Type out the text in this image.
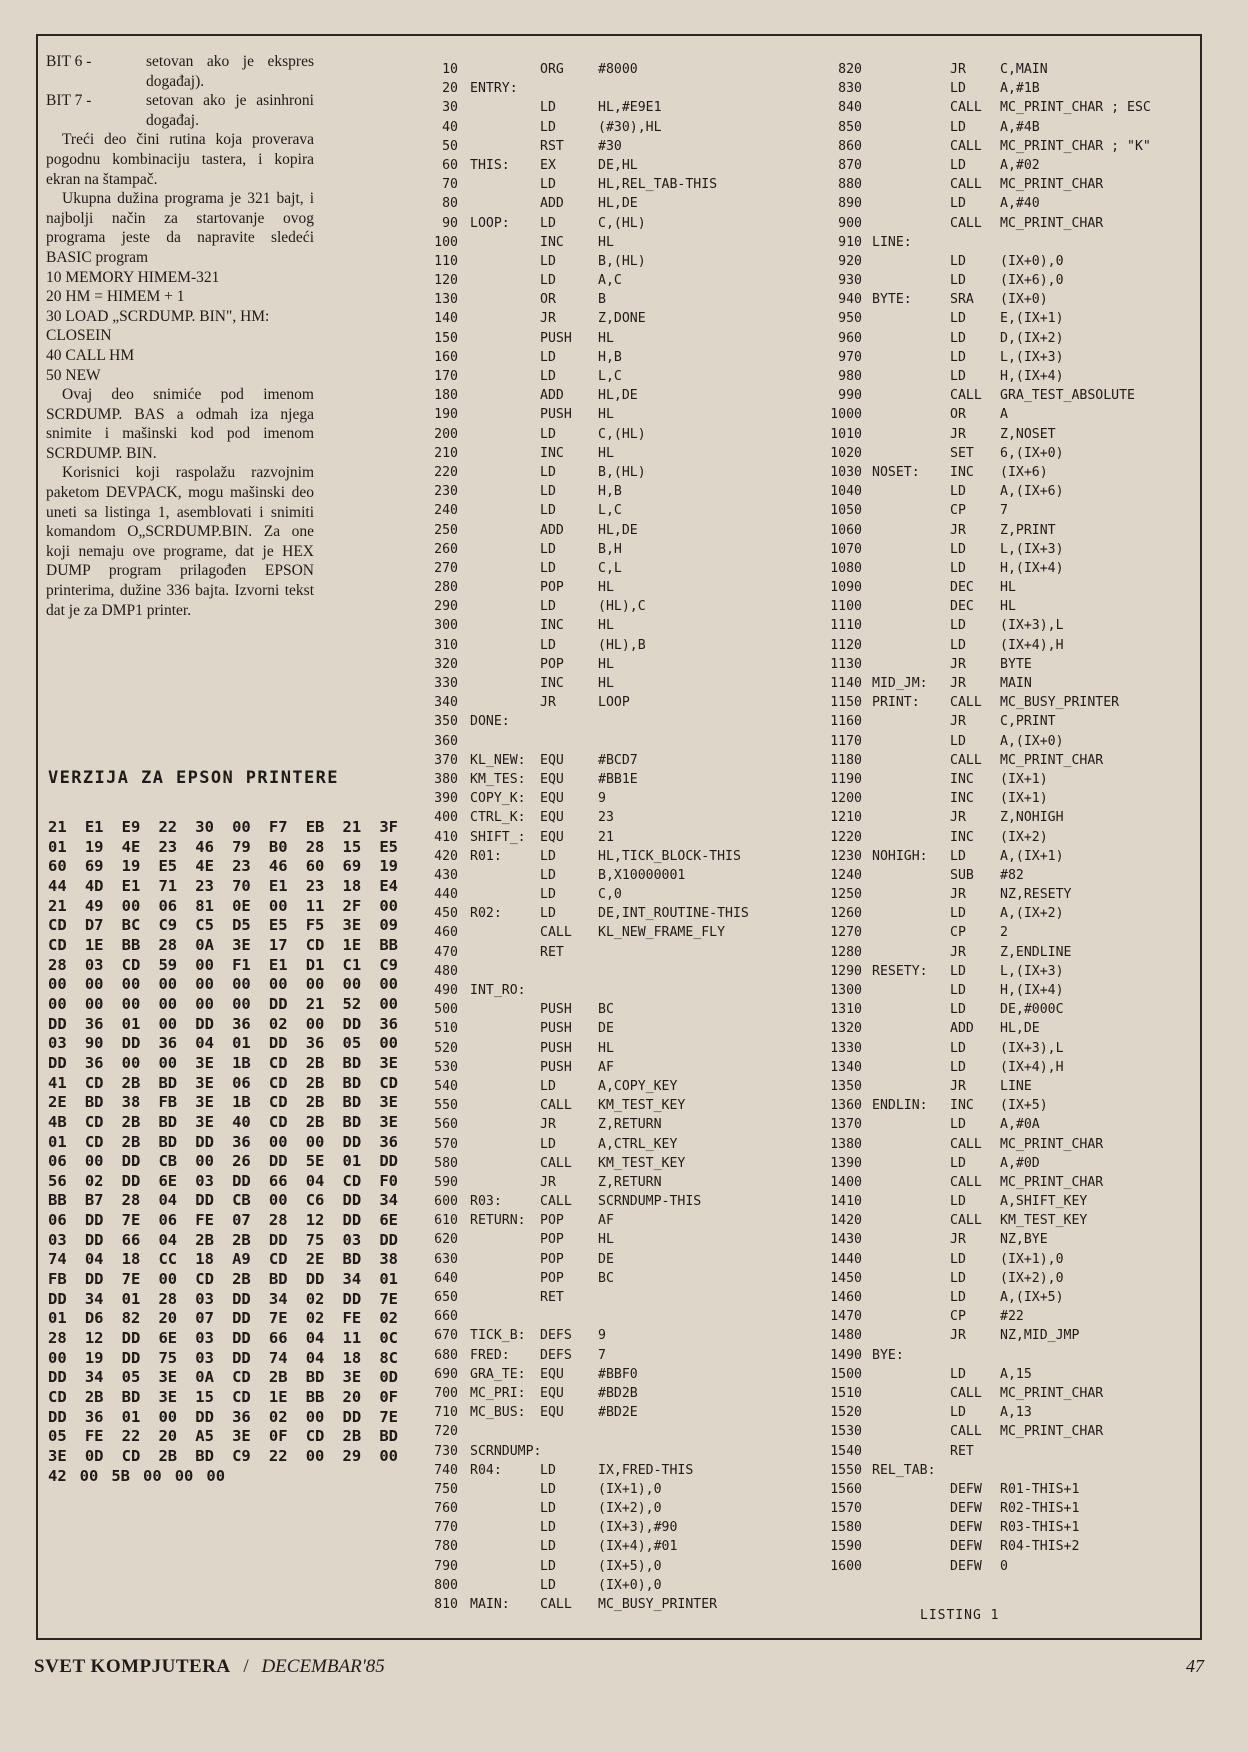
BIT 6 -	setovan ako je ekspres događaj).
BIT 7 -	setovan ako je asinhroni događaj.
Treći deo čini rutina koja proverava pogodnu kombinaciju tastera, i kopira ekran na štampač.
Ukupna dužina programa je 321 bajt, i najbolji način za startovanje ovog programa jeste da napravite sledeći BASIC program
10 MEMORY HIMEM-321
20 HM = HIMEM + 1
30 LOAD „SCRDUMP. BIN", HM: CLOSEIN
40 CALL HM
50 NEW
Ovaj deo snimiće pod imenom SCRDUMP. BAS a odmah iza njega snimite i mašinski kod pod imenom SCRDUMP. BIN.
Korisnici koji raspolažu razvojnim paketom DEVPACK, mogu mašinski deo uneti sa listinga 1, asemblovati i snimiti komandom O„SCRDUMP.BIN. Za one koji nemaju ove programe, dat je HEX DUMP program prilagođen EPSON printerima, dužine 336 bajta. Izvorni tekst dat je za DMP1 printer.
VERZIJA ZA EPSON PRINTERE
21 E1 E9 22 30 00 F7 EB 21 3F
01 19 4E 23 46 79 B0 28 15 E5
60 69 19 E5 4E 23 46 60 69 19
44 4D E1 71 23 70 E1 23 18 E4
21 49 00 06 81 0E 00 11 2F 00
CD D7 BC C9 C5 D5 E5 F5 3E 09
CD 1E BB 28 0A 3E 17 CD 1E BB
28 03 CD 59 00 F1 E1 D1 C1 C9
00 00 00 00 00 00 00 00 00 00
00 00 00 00 00 00 DD 21 52 00
DD 36 01 00 DD 36 02 00 DD 36
03 90 DD 36 04 01 DD 36 05 00
DD 36 00 00 3E 1B CD 2B BD 3E
41 CD 2B BD 3E 06 CD 2B BD CD
2E BD 38 FB 3E 1B CD 2B BD 3E
4B CD 2B BD 3E 40 CD 2B BD 3E
01 CD 2B BD DD 36 00 00 DD 36
06 00 DD CB 00 26 DD 5E 01 DD
56 02 DD 6E 03 DD 66 04 CD F0
BB B7 28 04 DD CB 00 C6 DD 34
06 DD 7E 06 FE 07 28 12 DD 6E
03 DD 66 04 2B 2B DD 75 03 DD
74 04 18 CC 18 A9 CD 2E BD 38
FB DD 7E 00 CD 2B BD DD 34 01
DD 34 01 28 03 DD 34 02 DD 7E
01 D6 82 20 07 DD 7E 02 FE 02
28 12 DD 6E 03 DD 66 04 11 0C
00 19 DD 75 03 DD 74 04 18 8C
DD 34 05 3E 0A CD 2B BD 3E 0D
CD 2B BD 3E 15 CD 1E BB 20 0F
DD 36 01 00 DD 36 02 00 DD 7E
05 FE 22 20 A5 3E 0F CD 2B BD
3E 0D CD 2B BD C9 22 00 29 00
42 00 5B 00 00 00
10	ORG	#8000
20 ENTRY:
30	LD	HL,#E9E1
40	LD	(#30),HL
50	RST	#30
60 THIS: EX	DE,HL
70	LD	HL,REL_TAB-THIS
80	ADD	HL,DE
90 LOOP: LD	C,(HL)
100	INC	HL
110	LD	B,(HL)
120	LD	A,C
130	OR	B
140	JR	Z,DONE
150	PUSH HL
160	LD	H,B
170	LD	L,C
180	ADD	HL,DE
190	PUSH HL
200	LD	C,(HL)
210	INC	HL
220	LD	B,(HL)
230	LD	H,B
240	LD	L,C
250	ADD	HL,DE
260	LD	B,H
270	LD	C,L
280	POP	HL
290	LD	(HL),C
300	INC	HL
310	LD	(HL),B
320	POP	HL
330	INC	HL
340	JR	LOOP
350 DONE:
360
370 KL_NEW: EQU	#BCD7
380 KM_TES: EQU	#BB1E
390 COPY_K: EQU	9
400 CTRL_K: EQU	23
410 SHIFT_: EQU	21
420 R01:	LD	HL,TICK_BLOCK-THIS
430	LD	B,X10000001
440	LD	C,0
450 R02:	LD	DE,INT_ROUTINE-THIS
460	CALL KL_NEW_FRAME_FLY
470	RET
480
490 INT_RO:
500	PUSH BC
510	PUSH DE
520	PUSH HL
530	PUSH AF
540	LD	A,COPY_KEY
550	CALL KM_TEST_KEY
560	JR	Z,RETURN
570	LD	A,CTRL_KEY
580	CALL KM_TEST_KEY
590	JR	Z,RETURN
600 R03:	CALL SCRNDUMP-THIS
610 RETURN: POP	AF
620	POP	HL
630	POP	DE
640	POP	BC
650	RET
660
670 TICK_B: DEFS 9
680 FRED: DEFS 7
690 GRA_TE: EQU	#BBF0
700 MC_PRI: EQU	#BD2B
710 MC_BUS: EQU	#BD2E
720
730 SCRNDUMP:
740 R04:	LD	IX,FRED-THIS
750	LD	(IX+1),0
760	LD	(IX+2),0
770	LD	(IX+3),#90
780	LD	(IX+4),#01
790	LD	(IX+5),0
800	LD	(IX+0),0
810 MAIN: CALL MC_BUSY_PRINTER
820	JR	C,MAIN
830	LD	A,#1B
840	CALL MC_PRINT_CHAR ; ESC
850	LD	A,#4B
860	CALL MC_PRINT_CHAR ; "K"
870	LD	A,#02
880	CALL MC_PRINT_CHAR
890	LD	A,#40
900	CALL MC_PRINT_CHAR
910 LINE:
920	LD	(IX+0),0
930	LD	(IX+6),0
940 BYTE:	SRA (IX+0)
950	LD	E,(IX+1)
960	LD	D,(IX+2)
970	LD	L,(IX+3)
980	LD	H,(IX+4)
990	CALL GRA_TEST_ABSOLUTE
1000	OR	A
1010	JR	Z,NOSET
1020	SET 6,(IX+0)
1030 NOSET: INC (IX+6)
1040	LD	A,(IX+6)
1050	CP	7
1060	JR	Z,PRINT
1070	LD	L,(IX+3)
1080	LD	H,(IX+4)
1090	DEC HL
1100	DEC HL
1110	LD	(IX+3),L
1120	LD	(IX+4),H
1130	JR	BYTE
1140 MID_JM: JR	MAIN
1150 PRINT: CALL MC_BUSY_PRINTER
1160	JR	C,PRINT
1170	LD	A,(IX+0)
1180	CALL MC_PRINT_CHAR
1190	INC (IX+1)
1200	INC (IX+1)
1210	JR	Z,NOHIGH
1220	INC (IX+2)
1230 NOHIGH: LD	A,(IX+1)
1240	SUB #82
1250	JR	NZ,RESETY
1260	LD	A,(IX+2)
1270	CP	2
1280	JR	Z,ENDLINE
1290 RESETY: LD	L,(IX+3)
1300	LD	H,(IX+4)
1310	LD	DE,#000C
1320	ADD HL,DE
1330	LD	(IX+3),L
1340	LD	(IX+4),H
1350	JR	LINE
1360 ENDLIN: INC (IX+5)
1370	LD	A,#0A
1380	CALL MC_PRINT_CHAR
1390	LD	A,#0D
1400	CALL MC_PRINT_CHAR
1410	LD	A,SHIFT_KEY
1420	CALL KM_TEST_KEY
1430	JR	NZ,BYE
1440	LD	(IX+1),0
1450	LD	(IX+2),0
1460	LD	A,(IX+5)
1470	CP	#22
1480	JR	NZ,MID_JMP
1490 BYE:
1500	LD	A,15
1510	CALL MC_PRINT_CHAR
1520	LD	A,13
1530	CALL MC_PRINT_CHAR
1540	RET
1550 REL_TAB:
1560	DEFW R01-THIS+1
1570	DEFW R02-THIS+1
1580	DEFW R03-THIS+1
1590	DEFW R04-THIS+2
1600	DEFW 0
LISTING 1
SVET KOMPJUTERA / DECEMBAR'85	47
